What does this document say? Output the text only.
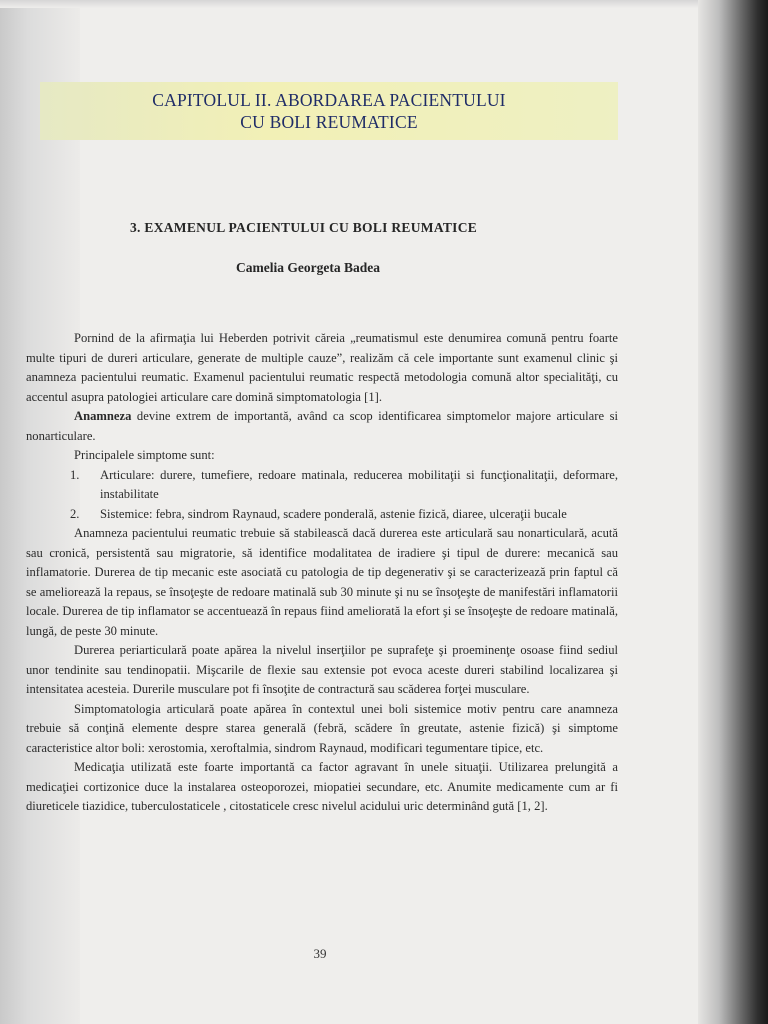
CAPITOLUL II. ABORDAREA PACIENTULUI
CU BOLI REUMATICE
3. EXAMENUL PACIENTULUI CU BOLI REUMATICE
Camelia Georgeta Badea

Pornind de la afirmaţia lui Heberden potrivit căreia „reumatismul este denumirea comună pentru foarte multe tipuri de dureri articulare, generate de multiple cauze”, realizăm că cele importante sunt examenul clinic şi anamneza pacientului reumatic. Examenul pacientului reumatic respectă metodologia comună altor specialităţi, cu accentul asupra patologiei articulare care domină simptomatologia [1].

Anamneza devine extrem de importantă, având ca scop identificarea simptomelor majore articulare si nonarticulare.

Principalele simptome sunt:

1.	Articulare: durere, tumefiere, redoare matinala, reducerea mobilitaţii si funcţionalitaţii, deformare, instabilitate
2.	Sistemice: febra, sindrom Raynaud, scadere ponderală, astenie fizică, diaree, ulceraţii bucale

Anamneza pacientului reumatic trebuie să stabilească dacă durerea este articulară sau nonarticulară, acută sau cronică, persistentă sau migratorie, să identifice modalitatea de iradiere şi tipul de durere: mecanică sau inflamatorie. Durerea de tip mecanic este asociată cu patologia de tip degenerativ şi se caracterizează prin faptul că se ameliorează la repaus, se însoţeşte de redoare matinală sub 30 minute şi nu se însoţeşte de manifestări inflamatorii locale. Durerea de tip inflamator se accentuează în repaus fiind ameliorată la efort şi se însoţeşte de redoare matinală, lungă, de peste 30 minute.

Durerea periarticulară poate apărea la nivelul inserţiilor pe suprafeţe şi proeminenţe osoase fiind sediul unor tendinite sau tendinopatii. Mişcarile de flexie sau extensie pot evoca aceste dureri stabilind localizarea şi intensitatea acesteia. Durerile musculare pot fi însoţite de contractură sau scăderea forţei musculare.

Simptomatologia articulară poate apărea în contextul unei boli sistemice motiv pentru care anamneza trebuie să conţină elemente despre starea generală (febră, scădere în greutate, astenie fizică) şi simptome caracteristice altor boli: xerostomia, xeroftalmia, sindrom Raynaud, modificari tegumentare tipice, etc.

Medicaţia utilizată este foarte importantă ca factor agravant în unele situaţii. Utilizarea prelungită a medicaţiei cortizonice duce la instalarea osteoporozei, miopatiei secundare, etc. Anumite medicamente cum ar fi diureticele tiazidice, tuberculostaticele , citostaticele cresc nivelul acidului uric determinând gută [1, 2].

39
